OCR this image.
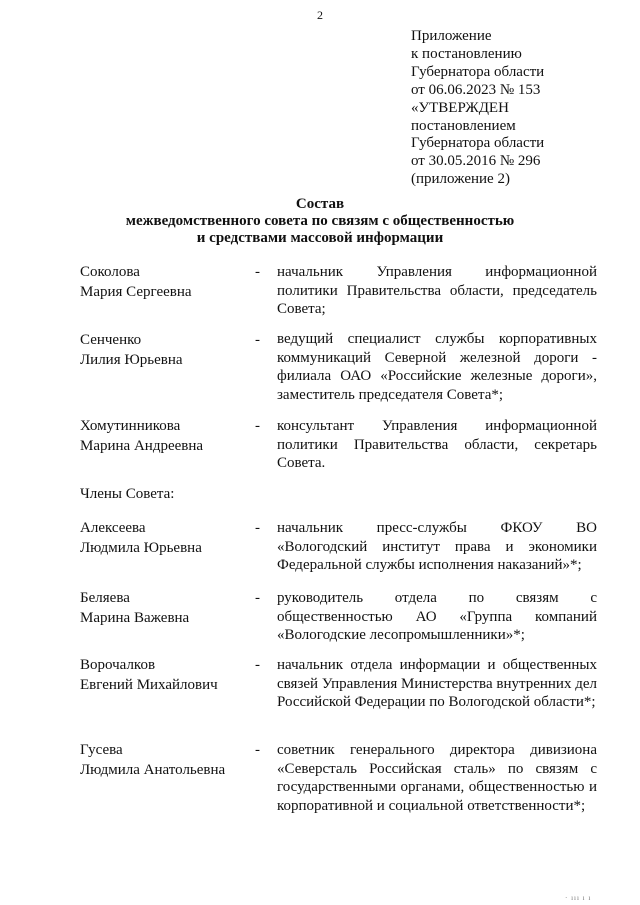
2
Приложение
к постановлению
Губернатора области
от 06.06.2023 № 153
«УТВЕРЖДЕН
постановлением
Губернатора области
от 30.05.2016 № 296
(приложение 2)
Состав
межведомственного совета по связям с общественностью
и средствами массовой информации
Соколова
Мария Сергеевна
- начальник Управления информационной политики Правительства области, председатель Совета;
Сенченко
Лилия Юрьевна
- ведущий специалист службы корпоративных коммуникаций Северной железной дороги - филиала ОАО «Российские железные дороги», заместитель председателя Совета*;
Хомутинникова
Марина Андреевна
- консультант Управления информационной политики Правительства области, секретарь Совета.
Члены Совета:
Алексеева
Людмила Юрьевна
- начальник пресс-службы ФКОУ ВО «Вологодский институт права и экономики Федеральной службы исполнения наказаний»*;
Беляева
Марина Важевна
- руководитель отдела по связям с общественностью АО «Группа компаний «Вологодские лесопромышленники»*;
Ворочалков
Евгений Михайлович
- начальник отдела информации и общественных связей Управления Министерства внутренних дел Российской Федерации по Вологодской области*;
Гусева
Людмила Анатольевна
- советник генерального директора дивизиона «Северсталь Российская сталь» по связям с государственными органами, общественностью и корпоративной и социальной ответственности*;
· ııı ı ı
